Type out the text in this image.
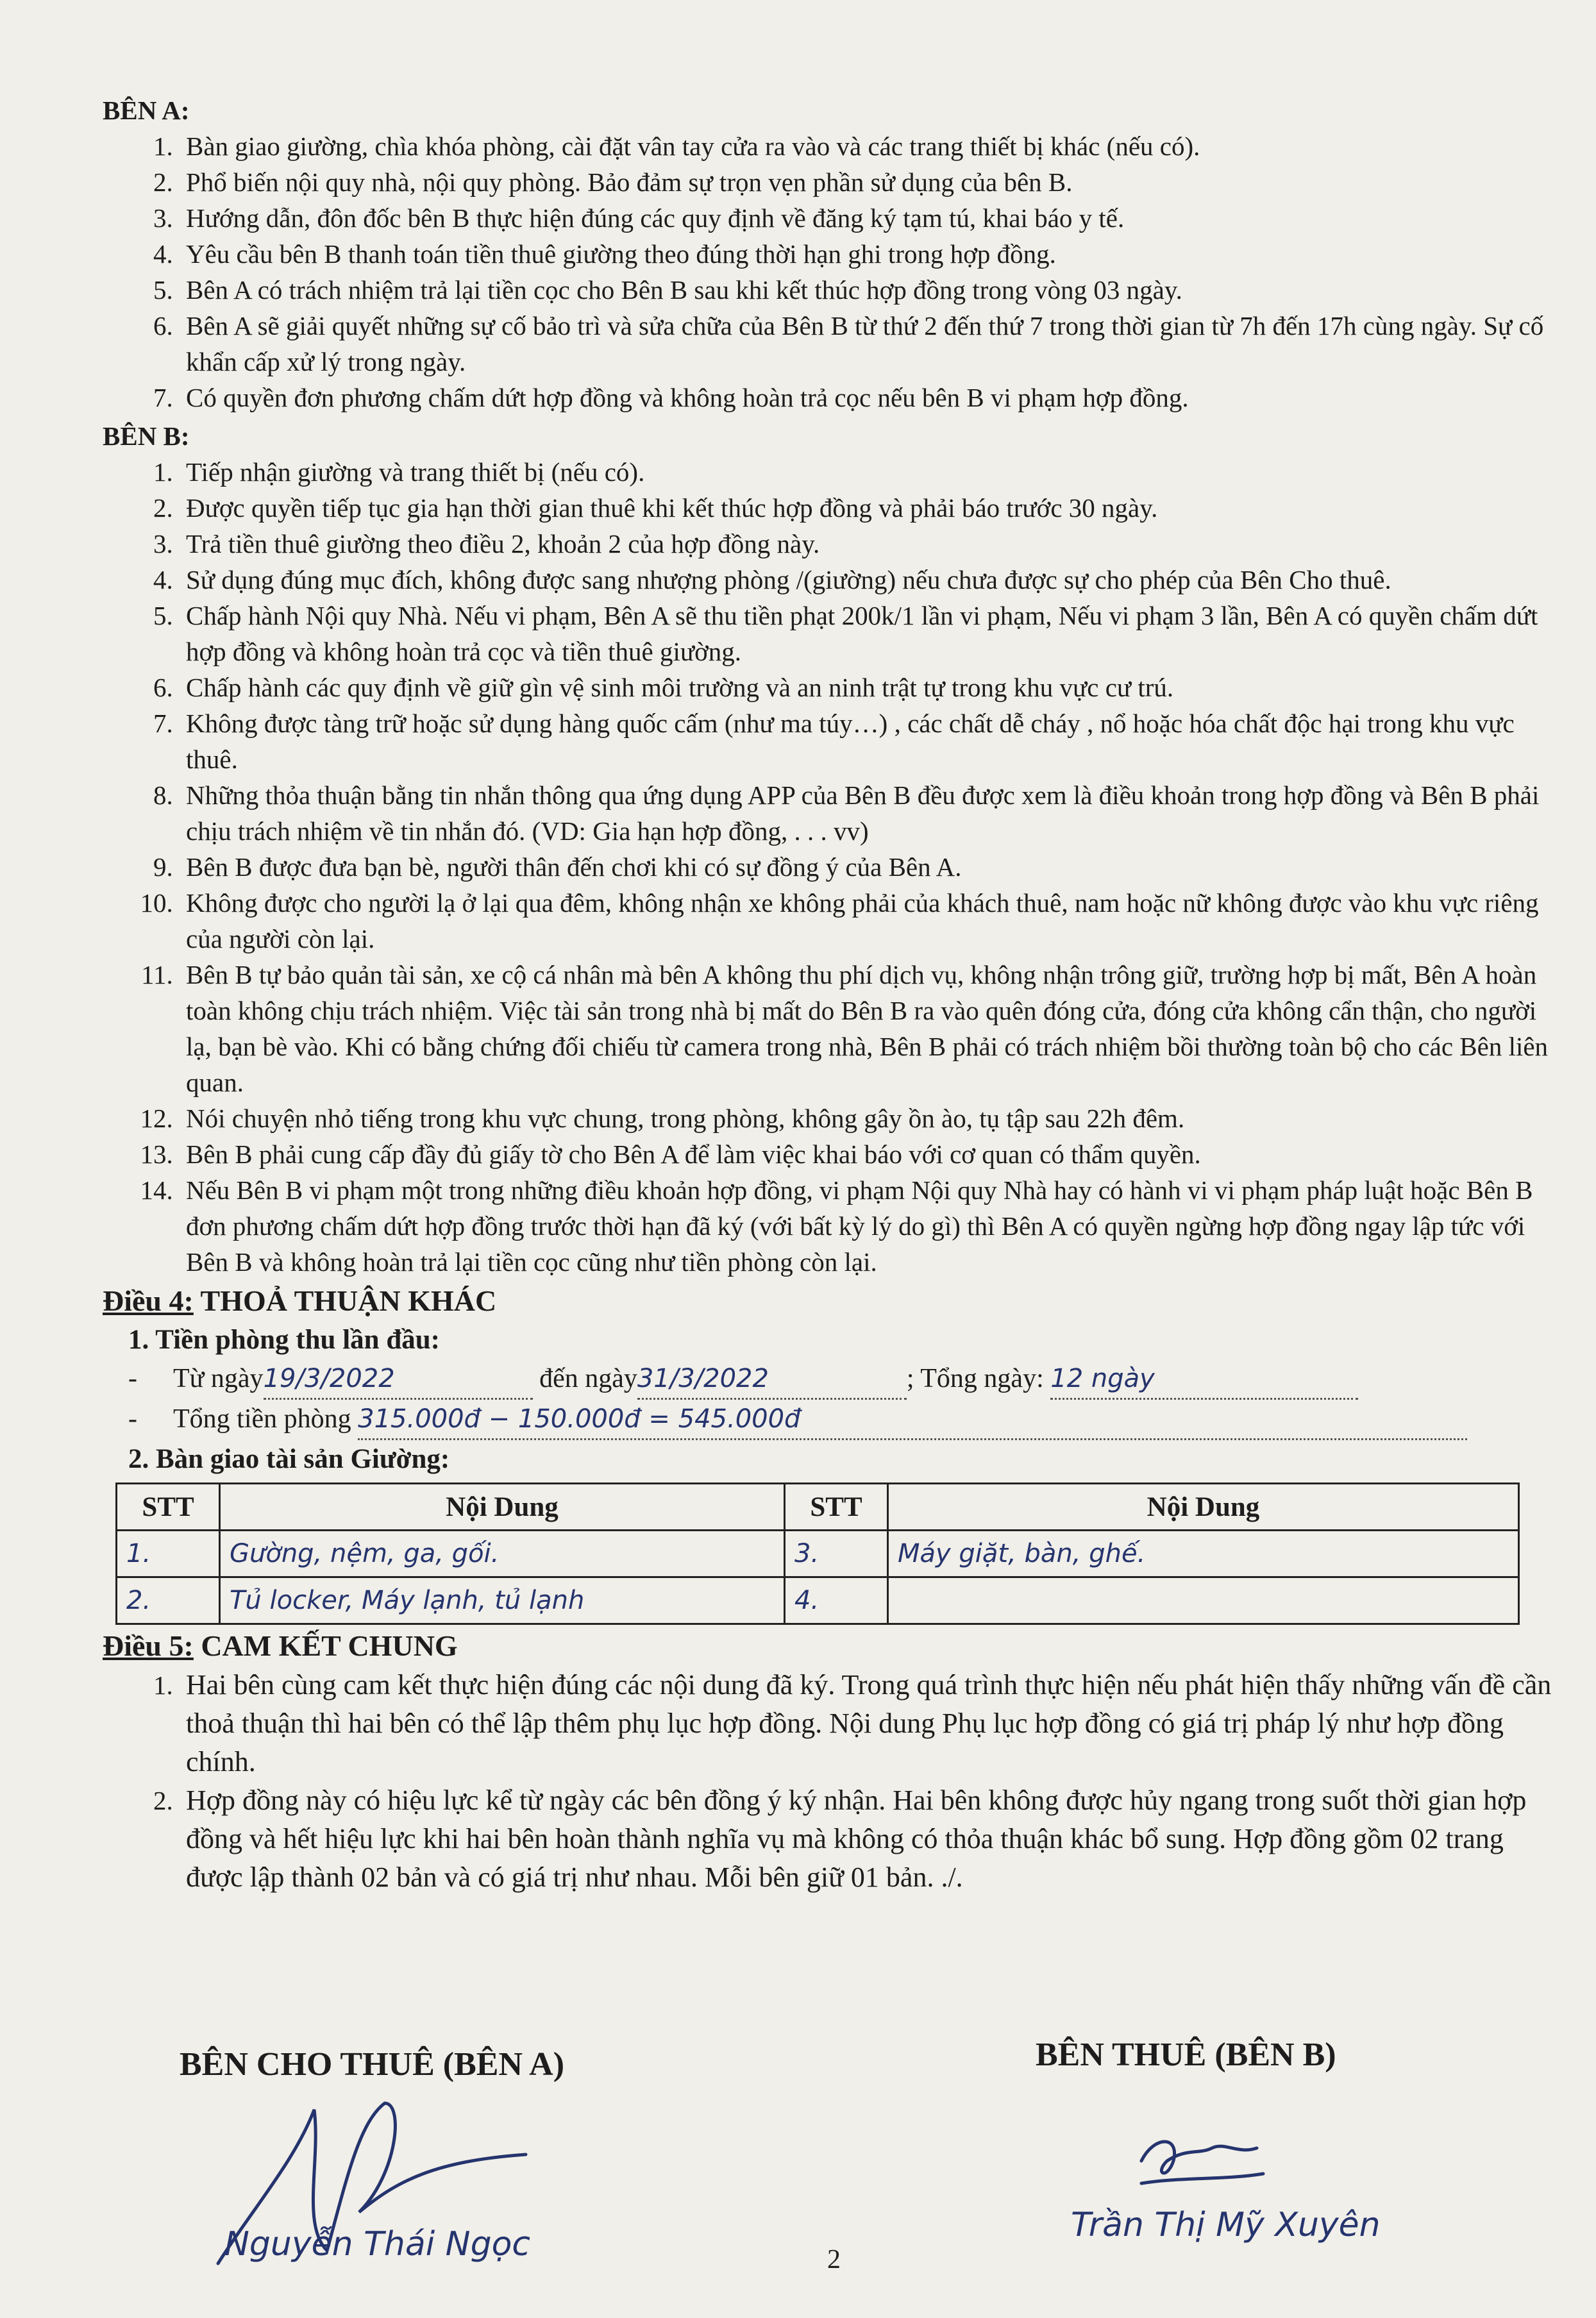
BÊN A:
1. Bàn giao giường, chìa khóa phòng, cài đặt vân tay cửa ra vào và các trang thiết bị khác (nếu có).
2. Phổ biến nội quy nhà, nội quy phòng. Bảo đảm sự trọn vẹn phần sử dụng của bên B.
3. Hướng dẫn, đôn đốc bên B thực hiện đúng các quy định về đăng ký tạm tú, khai báo y tế.
4. Yêu cầu bên B thanh toán tiền thuê giường theo đúng thời hạn ghi trong hợp đồng.
5. Bên A có trách nhiệm trả lại tiền cọc cho Bên B sau khi kết thúc hợp đồng trong vòng 03 ngày.
6. Bên A sẽ giải quyết những sự cố bảo trì và sửa chữa của Bên B từ thứ 2 đến thứ 7 trong thời gian từ 7h đến 17h cùng ngày. Sự cố khẩn cấp xử lý trong ngày.
7. Có quyền đơn phương chấm dứt hợp đồng và không hoàn trả cọc nếu bên B vi phạm hợp đồng.
BÊN B:
1. Tiếp nhận giường và trang thiết bị (nếu có).
2. Được quyền tiếp tục gia hạn thời gian thuê khi kết thúc hợp đồng và phải báo trước 30 ngày.
3. Trả tiền thuê giường theo điều 2, khoản 2 của hợp đồng này.
4. Sử dụng đúng mục đích, không được sang nhượng phòng /(giường) nếu chưa được sự cho phép của Bên Cho thuê.
5. Chấp hành Nội quy Nhà. Nếu vi phạm, Bên A sẽ thu tiền phạt 200k/1 lần vi phạm, Nếu vi phạm 3 lần, Bên A có quyền chấm dứt hợp đồng và không hoàn trả cọc và tiền thuê giường.
6. Chấp hành các quy định về giữ gìn vệ sinh môi trường và an ninh trật tự trong khu vực cư trú.
7. Không được tàng trữ hoặc sử dụng hàng quốc cấm (như ma túy…) , các chất dễ cháy , nổ hoặc hóa chất độc hại trong khu vực thuê.
8. Những thỏa thuận bằng tin nhắn thông qua ứng dụng APP của Bên B đều được xem là điều khoản trong hợp đồng và Bên B phải chịu trách nhiệm về tin nhắn đó. (VD: Gia hạn hợp đồng, . . . vv)
9. Bên B được đưa bạn bè, người thân đến chơi khi có sự đồng ý của Bên A.
10. Không được cho người lạ ở lại qua đêm, không nhận xe không phải của khách thuê, nam hoặc nữ không được vào khu vực riêng của người còn lại.
11. Bên B tự bảo quản tài sản, xe cộ cá nhân mà bên A không thu phí dịch vụ, không nhận trông giữ, trường hợp bị mất, Bên A hoàn toàn không chịu trách nhiệm. Việc tài sản trong nhà bị mất do Bên B ra vào quên đóng cửa, đóng cửa không cẩn thận, cho người lạ, bạn bè vào. Khi có bằng chứng đối chiếu từ camera trong nhà, Bên B phải có trách nhiệm bồi thường toàn bộ cho các Bên liên quan.
12. Nói chuyện nhỏ tiếng trong khu vực chung, trong phòng, không gây ồn ào, tụ tập sau 22h đêm.
13. Bên B phải cung cấp đầy đủ giấy tờ cho Bên A để làm việc khai báo với cơ quan có thẩm quyền.
14. Nếu Bên B vi phạm một trong những điều khoản hợp đồng, vi phạm Nội quy Nhà hay có hành vi vi phạm pháp luật hoặc Bên B đơn phương chấm dứt hợp đồng trước thời hạn đã ký (với bất kỳ lý do gì) thì Bên A có quyền ngừng hợp đồng ngay lập tức với Bên B và không hoàn trả lại tiền cọc cũng như tiền phòng còn lại.
Điều 4: THOẢ THUẬN KHÁC
1. Tiền phòng thu lần đầu:
- Từ ngày19/3/2022	đến ngày31/3/2022	; Tổng ngày: 12 ngày
- Tổng tiền phòng 315.000đ − 150.000đ = 545.000đ
2. Bàn giao tài sản Giường:
STT	Nội Dung	STT	Nội Dung
1.	Gường, nệm, ga, gối.	3.	Máy giặt, bàn, ghế.
2.	Tủ locker, Máy lạnh, tủ lạnh	4.	
Điều 5: CAM KẾT CHUNG
1. Hai bên cùng cam kết thực hiện đúng các nội dung đã ký. Trong quá trình thực hiện nếu phát hiện thấy những vấn đề cần thoả thuận thì hai bên có thể lập thêm phụ lục hợp đồng. Nội dung Phụ lục hợp đồng có giá trị pháp lý như hợp đồng chính.
2. Hợp đồng này có hiệu lực kể từ ngày các bên đồng ý ký nhận. Hai bên không được hủy ngang trong suốt thời gian hợp đồng và hết hiệu lực khi hai bên hoàn thành nghĩa vụ mà không có thỏa thuận khác bổ sung. Hợp đồng gồm 02 trang được lập thành 02 bản và có giá trị như nhau. Mỗi bên giữ 01 bản. ./.
BÊN CHO THUÊ (BÊN A)	BÊN THUÊ (BÊN B)
Nguyễn Thái Ngọc	Trần Thị Mỹ Xuyên
2
